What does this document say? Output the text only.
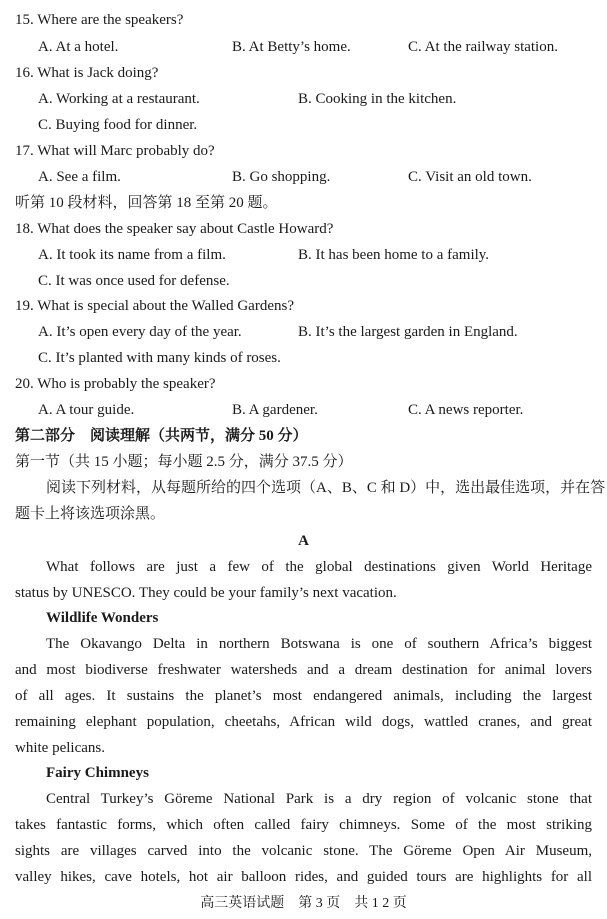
15. Where are the speakers?
A. At a hotel.	B. At Betty’s home.	C. At the railway station.
16. What is Jack doing?
A. Working at a restaurant.	B. Cooking in the kitchen.
C. Buying food for dinner.
17. What will Marc probably do?
A. See a film.	B. Go shopping.	C. Visit an old town.
听第 10 段材料，回答第 18 至第 20 题。
18. What does the speaker say about Castle Howard?
A. It took its name from a film.	B. It has been home to a family.
C. It was once used for defense.
19. What is special about the Walled Gardens?
A. It’s open every day of the year.	B. It’s the largest garden in England.
C. It’s planted with many kinds of roses.
20. Who is probably the speaker?
A. A tour guide.	B. A gardener.	C. A news reporter.
第二部分　阅读理解（共两节，满分 50 分）
第一节（共 15 小题；每小题 2.5 分，满分 37.5 分）
阅读下列材料，从每题所给的四个选项（A、B、C 和 D）中，选出最佳选项，并在答
题卡上将该选项涂黑。
A
What follows are just a few of the global destinations given World Heritage
status by UNESCO. They could be your family’s next vacation.
Wildlife Wonders
The Okavango Delta in northern Botswana is one of southern Africa’s biggest
and most biodiverse freshwater watersheds and a dream destination for animal lovers
of all ages. It sustains the planet’s most endangered animals, including the largest
remaining elephant population, cheetahs, African wild dogs, wattled cranes, and great
white pelicans.
Fairy Chimneys
Central Turkey’s Göreme National Park is a dry region of volcanic stone that
takes fantastic forms, which often called fairy chimneys. Some of the most striking
sights are villages carved into the volcanic stone. The Göreme Open Air Museum,
valley hikes, cave hotels, hot air balloon rides, and guided tours are highlights for all
高三英语试题　第 3 页　共 1 2 页
